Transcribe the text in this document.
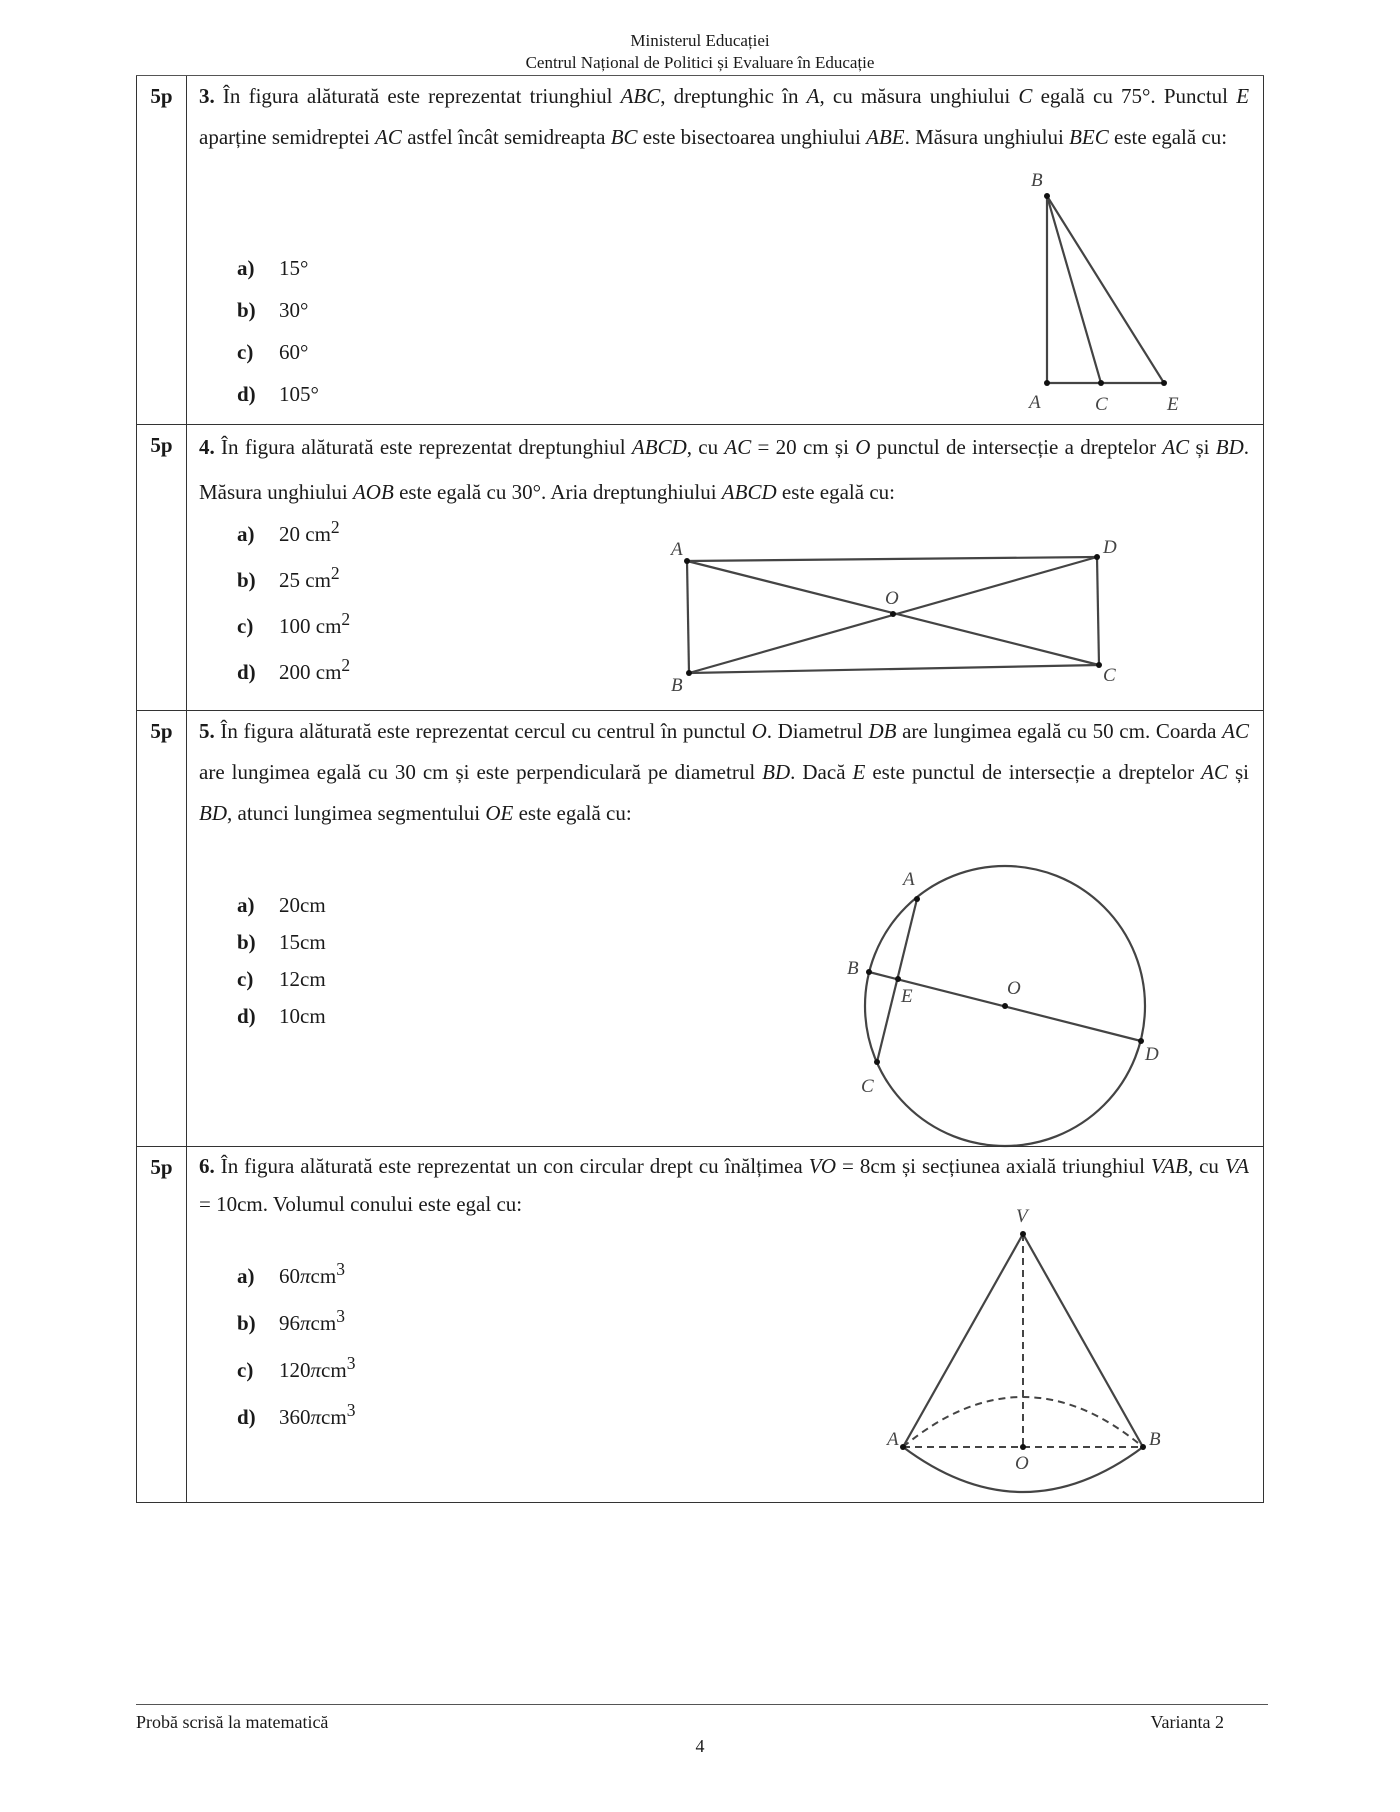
Ministerul Educației
Centrul Național de Politici și Evaluare în Educație
5p	3. În figura alăturată este reprezentat triunghiul ABC, dreptunghic în A, cu măsura unghiului C egală cu 75°. Punctul E aparține semidreptei AC astfel încât semidreapta BC este bisectoarea unghiului ABE. Măsura unghiului BEC este egală cu:
a) 15°
b) 30°
c) 60°
d) 105°
B
A	C	E
5p	4. În figura alăturată este reprezentat dreptunghiul ABCD, cu AC = 20 cm și O punctul de intersecție a dreptelor AC și BD. Măsura unghiului AOB este egală cu 30°. Aria dreptunghiului ABCD este egală cu:
a) 20 $cm^2$
b) 25 $cm^2$
c) 100 $cm^2$
d) 200 $cm^2$
A	D
C
B
O
5p	5. În figura alăturată este reprezentat cercul cu centrul în punctul O. Diametrul DB are lungimea egală cu 50 cm. Coarda AC are lungimea egală cu 30 cm și este perpendiculară pe diametrul BD. Dacă E este punctul de intersecție a dreptelor AC și BD, atunci lungimea segmentului OE este egală cu:
a) 20cm
b) 15cm
c) 12cm
d) 10cm
A
B
C
D
E	O
5p	6. În figura alăturată este reprezentat un con circular drept cu înălțimea VO = 8cm și secțiunea axială triunghiul VAB, cu VA = 10cm. Volumul conului este egal cu:
a) 60πcm$^3$
b) 96πcm$^3$
c) 120πcm$^3$
d) 360πcm$^3$
V
A	B
O
Probă scrisă la matematică	Varianta 2
4
